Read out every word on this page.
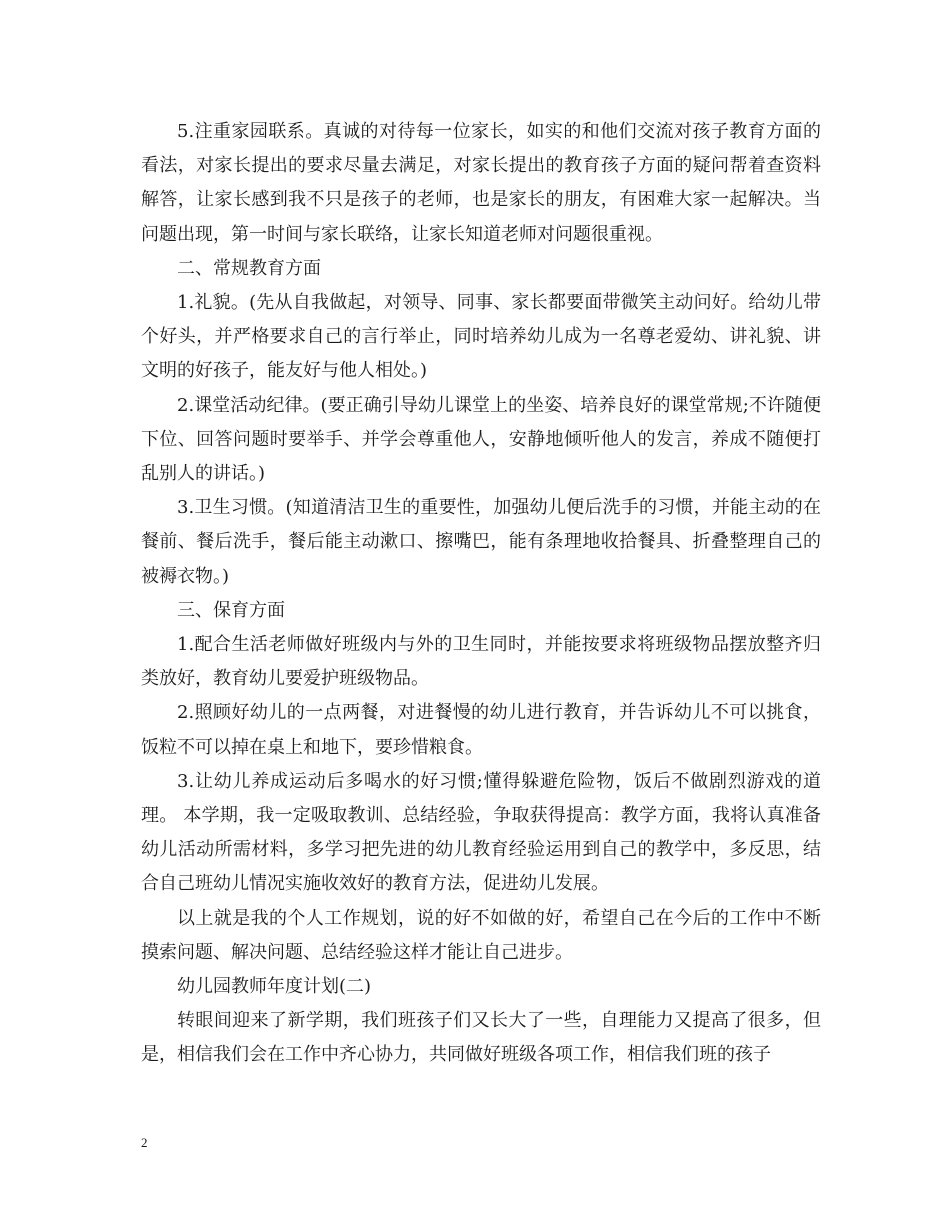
5.注重家园联系。真诚的对待每一位家长，如实的和他们交流对孩子教育方面的看法，对家长提出的要求尽量去满足，对家长提出的教育孩子方面的疑问帮着查资料解答，让家长感到我不只是孩子的老师，也是家长的朋友，有困难大家一起解决。当问题出现，第一时间与家长联络，让家长知道老师对问题很重视。

二、常规教育方面

1.礼貌。(先从自我做起，对领导、同事、家长都要面带微笑主动问好。给幼儿带个好头，并严格要求自己的言行举止，同时培养幼儿成为一名尊老爱幼、讲礼貌、讲文明的好孩子，能友好与他人相处。)

2.课堂活动纪律。(要正确引导幼儿课堂上的坐姿、培养良好的课堂常规;不许随便下位、回答问题时要举手、并学会尊重他人，安静地倾听他人的发言，养成不随便打乱别人的讲话。)

3.卫生习惯。(知道清洁卫生的重要性，加强幼儿便后洗手的习惯，并能主动的在餐前、餐后洗手，餐后能主动漱口、擦嘴巴，能有条理地收拾餐具、折叠整理自己的被褥衣物。)

三、保育方面

1.配合生活老师做好班级内与外的卫生同时，并能按要求将班级物品摆放整齐归类放好，教育幼儿要爱护班级物品。

2.照顾好幼儿的一点两餐，对进餐慢的幼儿进行教育，并告诉幼儿不可以挑食，饭粒不可以掉在桌上和地下，要珍惜粮食。

3.让幼儿养成运动后多喝水的好习惯;懂得躲避危险物，饭后不做剧烈游戏的道理。 本学期，我一定吸取教训、总结经验，争取获得提高：教学方面，我将认真准备幼儿活动所需材料，多学习把先进的幼儿教育经验运用到自己的教学中，多反思，结合自己班幼儿情况实施收效好的教育方法，促进幼儿发展。

以上就是我的个人工作规划，说的好不如做的好，希望自己在今后的工作中不断摸索问题、解决问题、总结经验这样才能让自己进步。

幼儿园教师年度计划(二)

转眼间迎来了新学期，我们班孩子们又长大了一些，自理能力又提高了很多，但是，相信我们会在工作中齐心协力，共同做好班级各项工作，相信我们班的孩子

2
